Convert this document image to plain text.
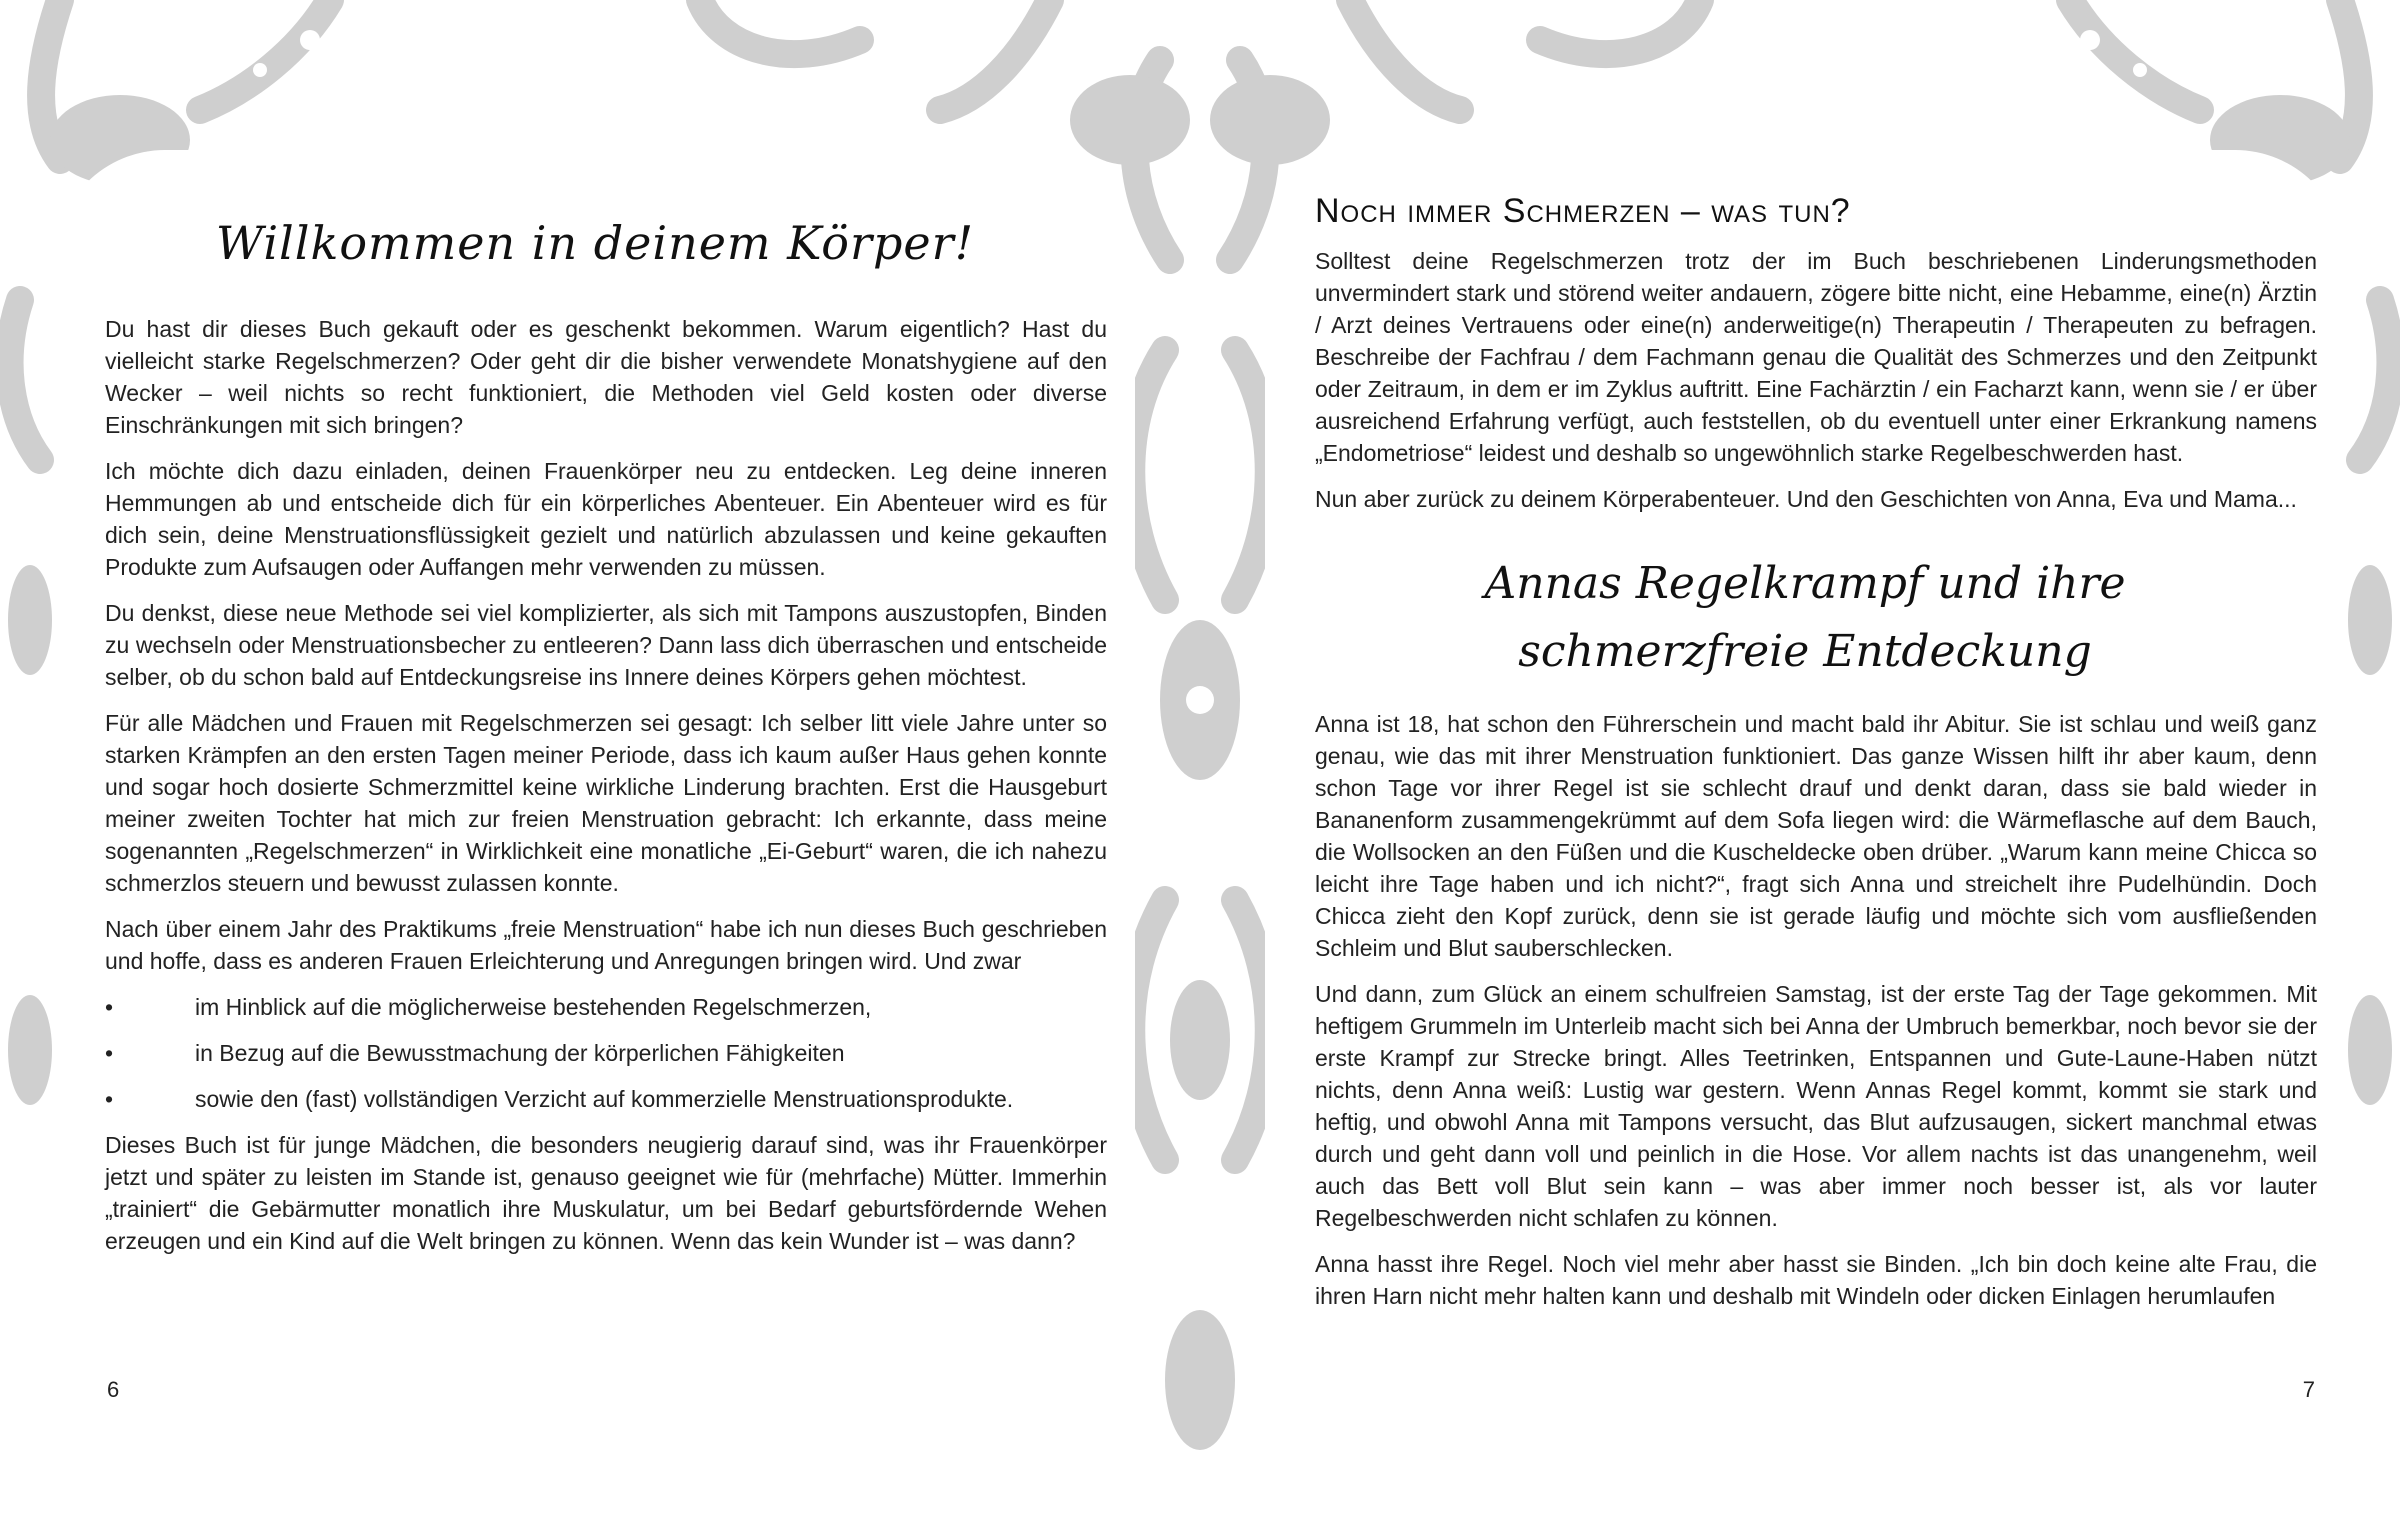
Willkommen in deinem Körper!

Du hast dir dieses Buch gekauft oder es geschenkt bekommen. Warum eigentlich? Hast du vielleicht starke Regelschmerzen? Oder geht dir die bisher verwendete Monatshygiene auf den Wecker – weil nichts so recht funktioniert, die Methoden viel Geld kosten oder diverse Einschränkungen mit sich bringen?

Ich möchte dich dazu einladen, deinen Frauenkörper neu zu entdecken. Leg deine inneren Hemmungen ab und entscheide dich für ein körperliches Abenteuer. Ein Abenteuer wird es für dich sein, deine Menstruationsflüssigkeit gezielt und natürlich abzulassen und keine gekauften Produkte zum Aufsaugen oder Auffangen mehr verwenden zu müssen.

Du denkst, diese neue Methode sei viel komplizierter, als sich mit Tampons auszustopfen, Binden zu wechseln oder Menstruationsbecher zu entleeren? Dann lass dich überraschen und entscheide selber, ob du schon bald auf Entdeckungsreise ins Innere deines Körpers gehen möchtest.

Für alle Mädchen und Frauen mit Regelschmerzen sei gesagt: Ich selber litt viele Jahre unter so starken Krämpfen an den ersten Tagen meiner Periode, dass ich kaum außer Haus gehen konnte und sogar hoch dosierte Schmerzmittel keine wirkliche Linderung brachten. Erst die Hausgeburt meiner zweiten Tochter hat mich zur freien Menstruation gebracht: Ich erkannte, dass meine sogenannten „Regelschmerzen“ in Wirklichkeit eine monatliche „Ei-Geburt“ waren, die ich nahezu schmerzlos steuern und bewusst zulassen konnte.

Nach über einem Jahr des Praktikums „freie Menstruation“ habe ich nun dieses Buch geschrieben und hoffe, dass es anderen Frauen Erleichterung und Anregungen bringen wird. Und zwar

•	im Hinblick auf die möglicherweise bestehenden Regelschmerzen,
•	in Bezug auf die Bewusstmachung der körperlichen Fähigkeiten
•	sowie den (fast) vollständigen Verzicht auf kommerzielle Menstruationsprodukte.

Dieses Buch ist für junge Mädchen, die besonders neugierig darauf sind, was ihr Frauenkörper jetzt und später zu leisten im Stande ist, genauso geeignet wie für (mehrfache) Mütter. Immerhin „trainiert“ die Gebärmutter monatlich ihre Muskulatur, um bei Bedarf geburtsfördernde Wehen erzeugen und ein Kind auf die Welt bringen zu können. Wenn das kein Wunder ist – was dann?

6
Noch immer Schmerzen – was tun?

Solltest deine Regelschmerzen trotz der im Buch beschriebenen Linderungsmethoden unvermindert stark und störend weiter andauern, zögere bitte nicht, eine Hebamme, eine(n) Ärztin / Arzt deines Vertrauens oder eine(n) anderweitige(n) Therapeutin / Therapeuten zu befragen. Beschreibe der Fachfrau / dem Fachmann genau die Qualität des Schmerzes und den Zeitpunkt oder Zeitraum, in dem er im Zyklus auftritt. Eine Fachärztin / ein Facharzt kann, wenn sie / er über ausreichend Erfahrung verfügt, auch feststellen, ob du eventuell unter einer Erkrankung namens „Endometriose“ leidest und deshalb so ungewöhnlich starke Regelbeschwerden hast.

Nun aber zurück zu deinem Körperabenteuer. Und den Geschichten von Anna, Eva und Mama...

Annas Regelkrampf und ihre
schmerzfreie Entdeckung

Anna ist 18, hat schon den Führerschein und macht bald ihr Abitur. Sie ist schlau und weiß ganz genau, wie das mit ihrer Menstruation funktioniert. Das ganze Wissen hilft ihr aber kaum, denn schon Tage vor ihrer Regel ist sie schlecht drauf und denkt daran, dass sie bald wieder in Bananenform zusammengekrümmt auf dem Sofa liegen wird: die Wärmeflasche auf dem Bauch, die Wollsocken an den Füßen und die Kuscheldecke oben drüber. „Warum kann meine Chicca so leicht ihre Tage haben und ich nicht?“, fragt sich Anna und streichelt ihre Pudelhündin. Doch Chicca zieht den Kopf zurück, denn sie ist gerade läufig und möchte sich vom ausfließenden Schleim und Blut sauberschlecken.

Und dann, zum Glück an einem schulfreien Samstag, ist der erste Tag der Tage gekommen. Mit heftigem Grummeln im Unterleib macht sich bei Anna der Umbruch bemerkbar, noch bevor sie der erste Krampf zur Strecke bringt. Alles Teetrinken, Entspannen und Gute-Laune-Haben nützt nichts, denn Anna weiß: Lustig war gestern. Wenn Annas Regel kommt, kommt sie stark und heftig, und obwohl Anna mit Tampons versucht, das Blut aufzusaugen, sickert manchmal etwas durch und geht dann voll und peinlich in die Hose. Vor allem nachts ist das unangenehm, weil auch das Bett voll Blut sein kann – was aber immer noch besser ist, als vor lauter Regelbeschwerden nicht schlafen zu können.

Anna hasst ihre Regel. Noch viel mehr aber hasst sie Binden. „Ich bin doch keine alte Frau, die ihren Harn nicht mehr halten kann und deshalb mit Windeln oder dicken Einlagen herumlaufen

7
